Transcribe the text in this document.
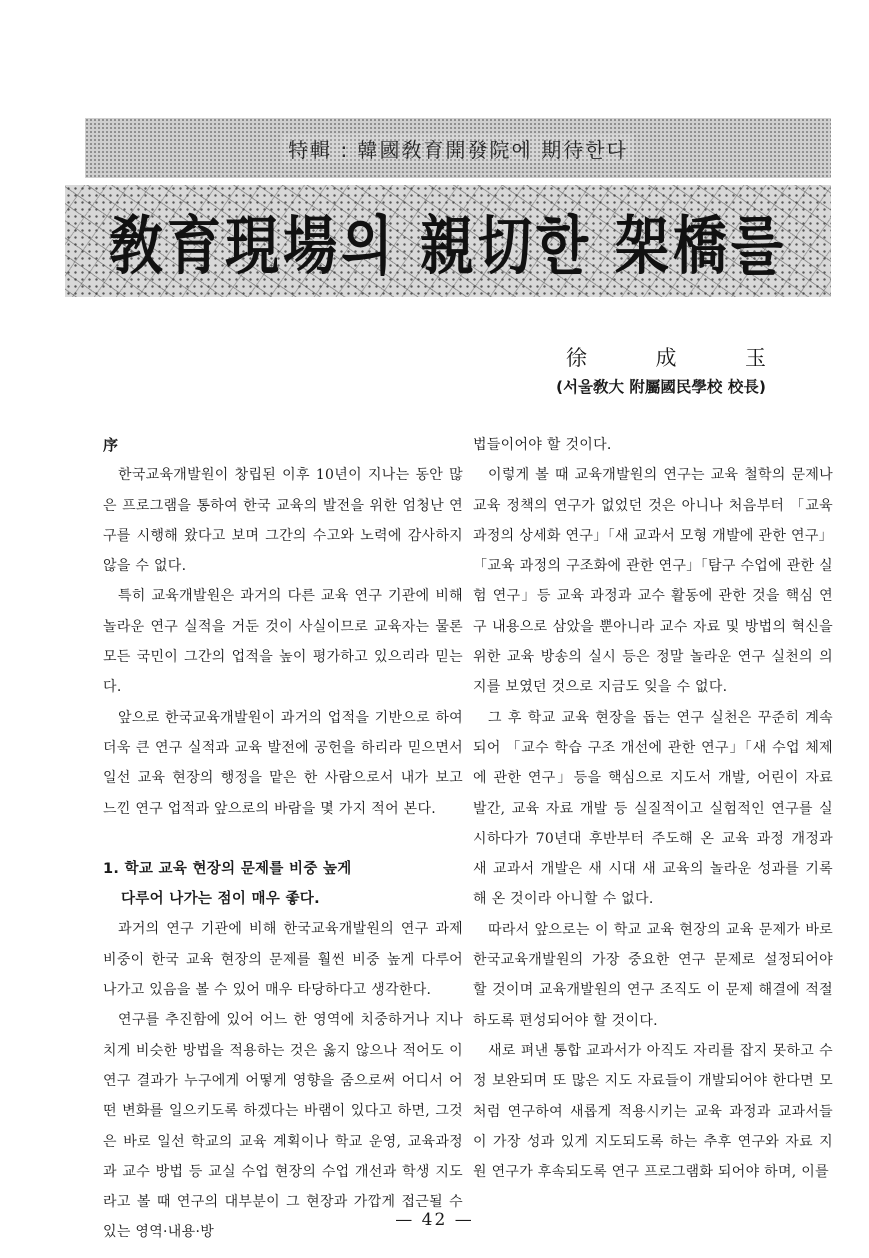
特輯 : 韓國敎育開發院에 期待한다
敎育現場의 親切한 架橋를
徐	成	玉
(서울敎大 附屬國民學校 校長)

序

한국교육개발원이 창립된 이후 10년이 지나는 동안 많은 프로그램을 통하여 한국 교육의 발전을 위한 엄청난 연구를 시행해 왔다고 보며 그간의 수고와 노력에 감사하지 않을 수 없다.

특히 교육개발원은 과거의 다른 교육 연구 기관에 비해 놀라운 연구 실적을 거둔 것이 사실이므로 교육자는 물론 모든 국민이 그간의 업적을 높이 평가하고 있으리라 믿는다.

앞으로 한국교육개발원이 과거의 업적을 기반으로 하여 더욱 큰 연구 실적과 교육 발전에 공헌을 하리라 믿으면서 일선 교육 현장의 행정을 맡은 한 사람으로서 내가 보고 느낀 연구 업적과 앞으로의 바람을 몇 가지 적어 본다.

1. 학교 교육 현장의 문제를 비중 높게
다루어 나가는 점이 매우 좋다.

과거의 연구 기관에 비해 한국교육개발원의 연구 과제 비중이 한국 교육 현장의 문제를 훨씬 비중 높게 다루어 나가고 있음을 볼 수 있어 매우 타당하다고 생각한다.

연구를 추진함에 있어 어느 한 영역에 치중하거나 지나치게 비슷한 방법을 적용하는 것은 옳지 않으나 적어도 이 연구 결과가 누구에게 어떻게 영향을 줌으로써 어디서 어떤 변화를 일으키도록 하겠다는 바램이 있다고 하면, 그것은 바로 일선 학교의 교육 계획이나 학교 운영, 교육과정과 교수 방법 등 교실 수업 현장의 수업 개선과 학생 지도라고 볼 때 연구의 대부분이 그 현장과 가깝게 접근될 수 있는 영역·내용·방

법들이어야 할 것이다.

이렇게 볼 때 교육개발원의 연구는 교육 철학의 문제나 교육 정책의 연구가 없었던 것은 아니나 처음부터 「교육 과정의 상세화 연구」「새 교과서 모형 개발에 관한 연구」「교육 과정의 구조화에 관한 연구」「탐구 수업에 관한 실험 연구」등 교육 과정과 교수 활동에 관한 것을 핵심 연구 내용으로 삼았을 뿐아니라 교수 자료 및 방법의 혁신을 위한 교육 방송의 실시 등은 정말 놀라운 연구 실천의 의지를 보였던 것으로 지금도 잊을 수 없다.

그 후 학교 교육 현장을 돕는 연구 실천은 꾸준히 계속되어 「교수 학습 구조 개선에 관한 연구」「새 수업 체제에 관한 연구」등을 핵심으로 지도서 개발, 어린이 자료 발간, 교육 자료 개발 등 실질적이고 실험적인 연구를 실시하다가 70년대 후반부터 주도해 온 교육 과정 개정과 새 교과서 개발은 새 시대 새 교육의 놀라운 성과를 기록해 온 것이라 아니할 수 없다.

따라서 앞으로는 이 학교 교육 현장의 교육 문제가 바로 한국교육개발원의 가장 중요한 연구 문제로 설정되어야 할 것이며 교육개발원의 연구 조직도 이 문제 해결에 적절하도록 편성되어야 할 것이다.

새로 펴낸 통합 교과서가 아직도 자리를 잡지 못하고 수정 보완되며 또 많은 지도 자료들이 개발되어야 한다면 모처럼 연구하여 새롭게 적용시키는 교육 과정과 교과서들이 가장 성과 있게 지도되도록 하는 추후 연구와 자료 지원 연구가 후속되도록 연구 프로그램화 되어야 하며, 이를

— 42 —
